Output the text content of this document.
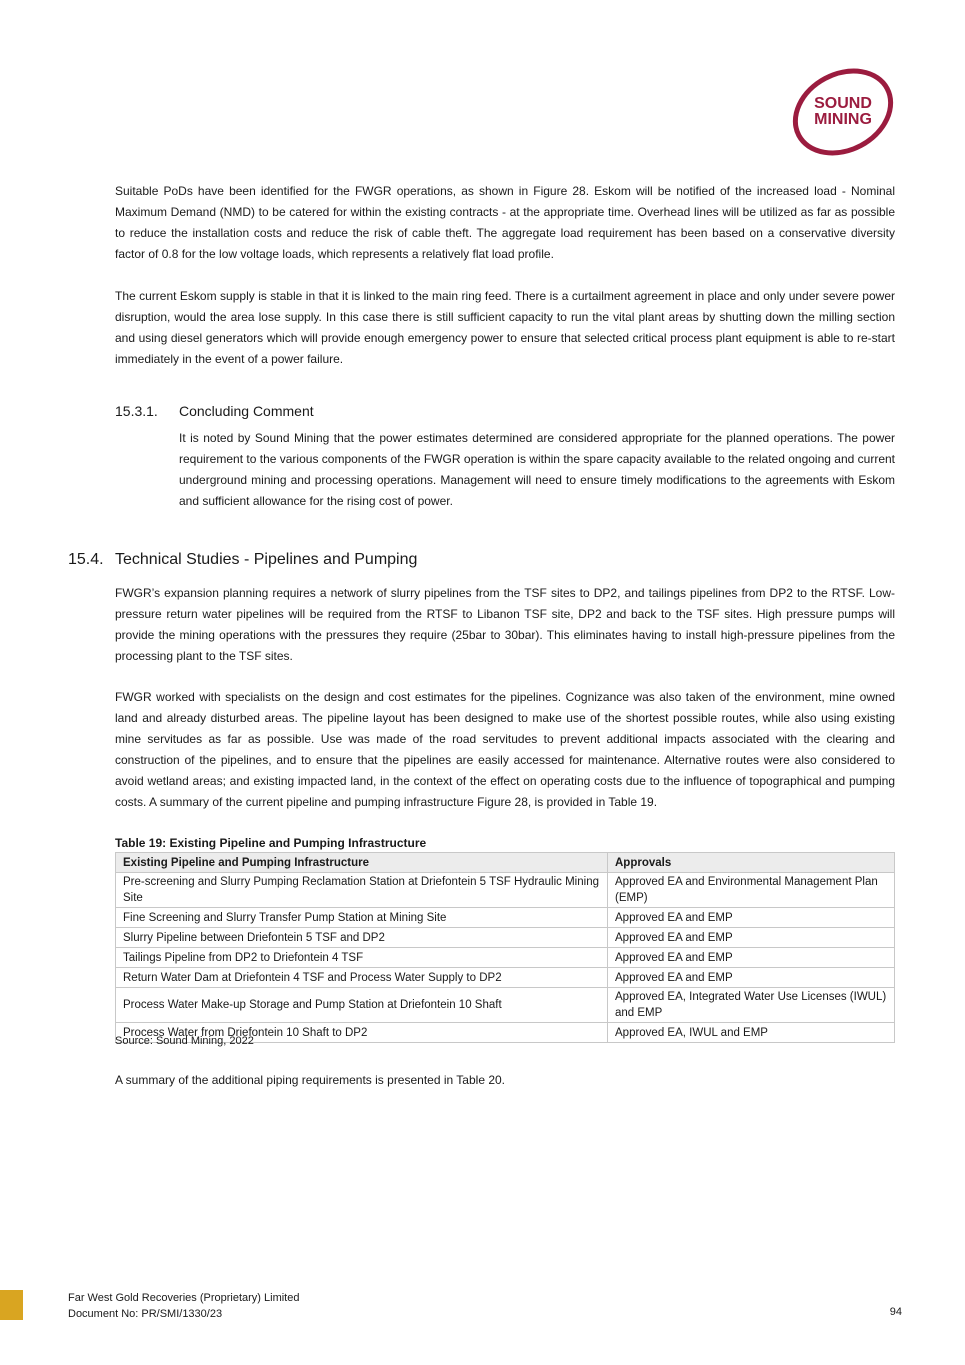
SOUND
MINING

Suitable PoDs have been identified for the FWGR operations, as shown in Figure 28. Eskom will be notified of the increased load - Nominal Maximum Demand (NMD) to be catered for within the existing contracts - at the appropriate time. Overhead lines will be utilized as far as possible to reduce the installation costs and reduce the risk of cable theft. The aggregate load requirement has been based on a conservative diversity factor of 0.8 for the low voltage loads, which represents a relatively flat load profile.

The current Eskom supply is stable in that it is linked to the main ring feed. There is a curtailment agreement in place and only under severe power disruption, would the area lose supply. In this case there is still sufficient capacity to run the vital plant areas by shutting down the milling section and using diesel generators which will provide enough emergency power to ensure that selected critical process plant equipment is able to re-start immediately in the event of a power failure.

15.3.1. Concluding Comment

It is noted by Sound Mining that the power estimates determined are considered appropriate for the planned operations. The power requirement to the various components of the FWGR operation is within the spare capacity available to the related ongoing and current underground mining and processing operations. Management will need to ensure timely modifications to the agreements with Eskom and sufficient allowance for the rising cost of power.

15.4. Technical Studies - Pipelines and Pumping

FWGR’s expansion planning requires a network of slurry pipelines from the TSF sites to DP2, and tailings pipelines from DP2 to the RTSF. Low-pressure return water pipelines will be required from the RTSF to Libanon TSF site, DP2 and back to the TSF sites. High pressure pumps will provide the mining operations with the pressures they require (25bar to 30bar). This eliminates having to install high-pressure pipelines from the processing plant to the TSF sites.

FWGR worked with specialists on the design and cost estimates for the pipelines. Cognizance was also taken of the environment, mine owned land and already disturbed areas. The pipeline layout has been designed to make use of the shortest possible routes, while also using existing mine servitudes as far as possible. Use was made of the road servitudes to prevent additional impacts associated with the clearing and construction of the pipelines, and to ensure that the pipelines are easily accessed for maintenance. Alternative routes were also considered to avoid wetland areas; and existing impacted land, in the context of the effect on operating costs due to the influence of topographical and pumping costs. A summary of the current pipeline and pumping infrastructure Figure 28, is provided in Table 19.

Table 19: Existing Pipeline and Pumping Infrastructure
Existing Pipeline and Pumping Infrastructure	Approvals
Pre-screening and Slurry Pumping Reclamation Station at Driefontein 5 TSF Hydraulic Mining Site	Approved EA and Environmental Management Plan (EMP)
Fine Screening and Slurry Transfer Pump Station at Mining Site	Approved EA and EMP
Slurry Pipeline between Driefontein 5 TSF and DP2	Approved EA and EMP
Tailings Pipeline from DP2 to Driefontein 4 TSF	Approved EA and EMP
Return Water Dam at Driefontein 4 TSF and Process Water Supply to DP2	Approved EA and EMP
Process Water Make-up Storage and Pump Station at Driefontein 10 Shaft	Approved EA, Integrated Water Use Licenses (IWUL) and EMP
Process Water from Driefontein 10 Shaft to DP2	Approved EA, IWUL and EMP
Source: Sound Mining, 2022

A summary of the additional piping requirements is presented in Table 20.

Far West Gold Recoveries (Proprietary) Limited
Document No: PR/SMI/1330/23	94
